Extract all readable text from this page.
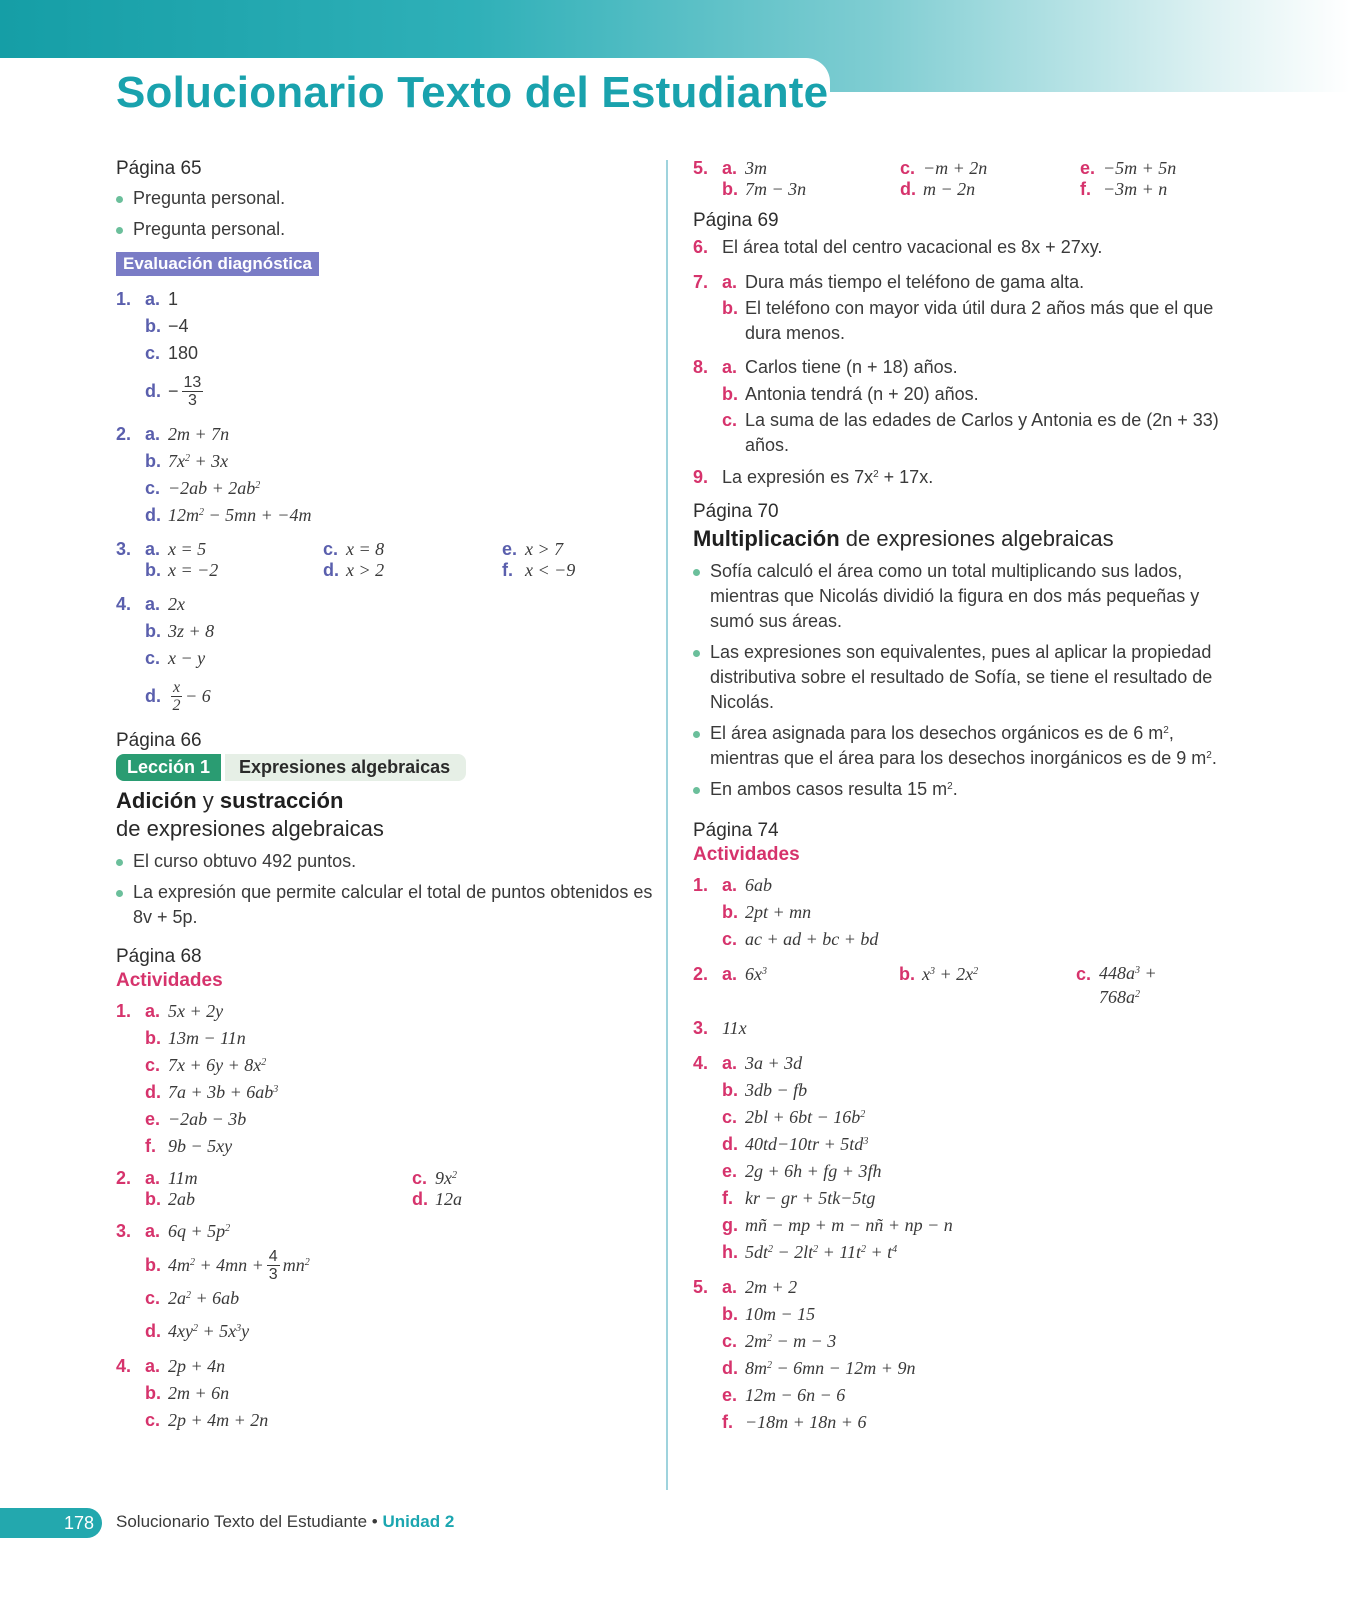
Solucionario Texto del Estudiante
Página 65
Pregunta personal.
Pregunta personal.
Evaluación diagnóstica
1. a. 1
b. −4
c. 180
d. − $\frac{13}{3}$
2. a. 2m + 7n
b. $7x^2 + 3x$
c. $-2ab + 2ab^2$
d. $12m^2 - 5mn + -4m$
3. a. x = 5	c. x = 8	e. x > 7
b. x = −2	d. x > 2	f. x < −9
4. a. 2x
b. 3z + 8
c. x − y
d. $\frac{x}{2} - 6$
Página 66
Lección 1	Expresiones algebraicas
Adición y sustracción
de expresiones algebraicas
El curso obtuvo 492 puntos.
La expresión que permite calcular el total de puntos obtenidos es 8v + 5p.
Página 68
Actividades
1. a. 5x + 2y
b. 13m − 11n
c. $7x + 6y + 8x^2$
d. $7a + 3b + 6ab^3$
e. −2ab − 3b
f. 9b − 5xy
2. a. 11m	c. $9x^2$
b. 2ab	d. 12a
3. a. $6q + 5p^2$
b. $4m^2 + 4mn + \frac{4}{3} mn^2$
c. $2a^2 + 6ab$
d. $4xy^2 + 5x^3y$
4. a. 2p + 4n
b. 2m + 6n
c. 2p + 4m + 2n
5. a. 3m	c. −m + 2n	e. −5m + 5n
b. 7m − 3n	d. m − 2n	f. −3m + n
Página 69
6. El área total del centro vacacional es 8x + 27xy.
7. a. Dura más tiempo el teléfono de gama alta.
b. El teléfono con mayor vida útil dura 2 años más que el que dura menos.
8. a. Carlos tiene (n + 18) años.
b. Antonia tendrá (n + 20) años.
c. La suma de las edades de Carlos y Antonia es de (2n + 33) años.
9. La expresión es $7x^2 + 17x$.
Página 70
Multiplicación de expresiones algebraicas
Sofía calculó el área como un total multiplicando sus lados, mientras que Nicolás dividió la figura en dos más pequeñas y sumó sus áreas.
Las expresiones son equivalentes, pues al aplicar la propiedad distributiva sobre el resultado de Sofía, se tiene el resultado de Nicolás.
El área asignada para los desechos orgánicos es de 6 $m^2$, mientras que el área para los desechos inorgánicos es de 9 $m^2$.
En ambos casos resulta 15 $m^2$.
Página 74
Actividades
1. a. 6ab
b. 2pt + mn
c. ac + ad + bc + bd
2. a. $6x^3$	b. $x^3 + 2x^2$	c. $448a^3$ +
$768a^2$
3. 11x
4. a. 3a + 3d
b. 3db − fb
c. $2bl + 6bt - 16b^2$
d. $40td-10tr + 5td^3$
e. 2g + 6h + fg + 3fh
f. kr − gr + 5tk−5tg
g. mñ − mp + m − nñ + np − n
h. $5dt^2 - 2lt^2 + 11t^2 + t^4$
5. a. 2m + 2
b. 10m − 15
c. $2m^2 - m - 3$
d. $8m^2 - 6mn - 12m + 9n$
e. 12m − 6n − 6
f. −18m + 18n + 6
178 Solucionario Texto del Estudiante • Unidad 2
